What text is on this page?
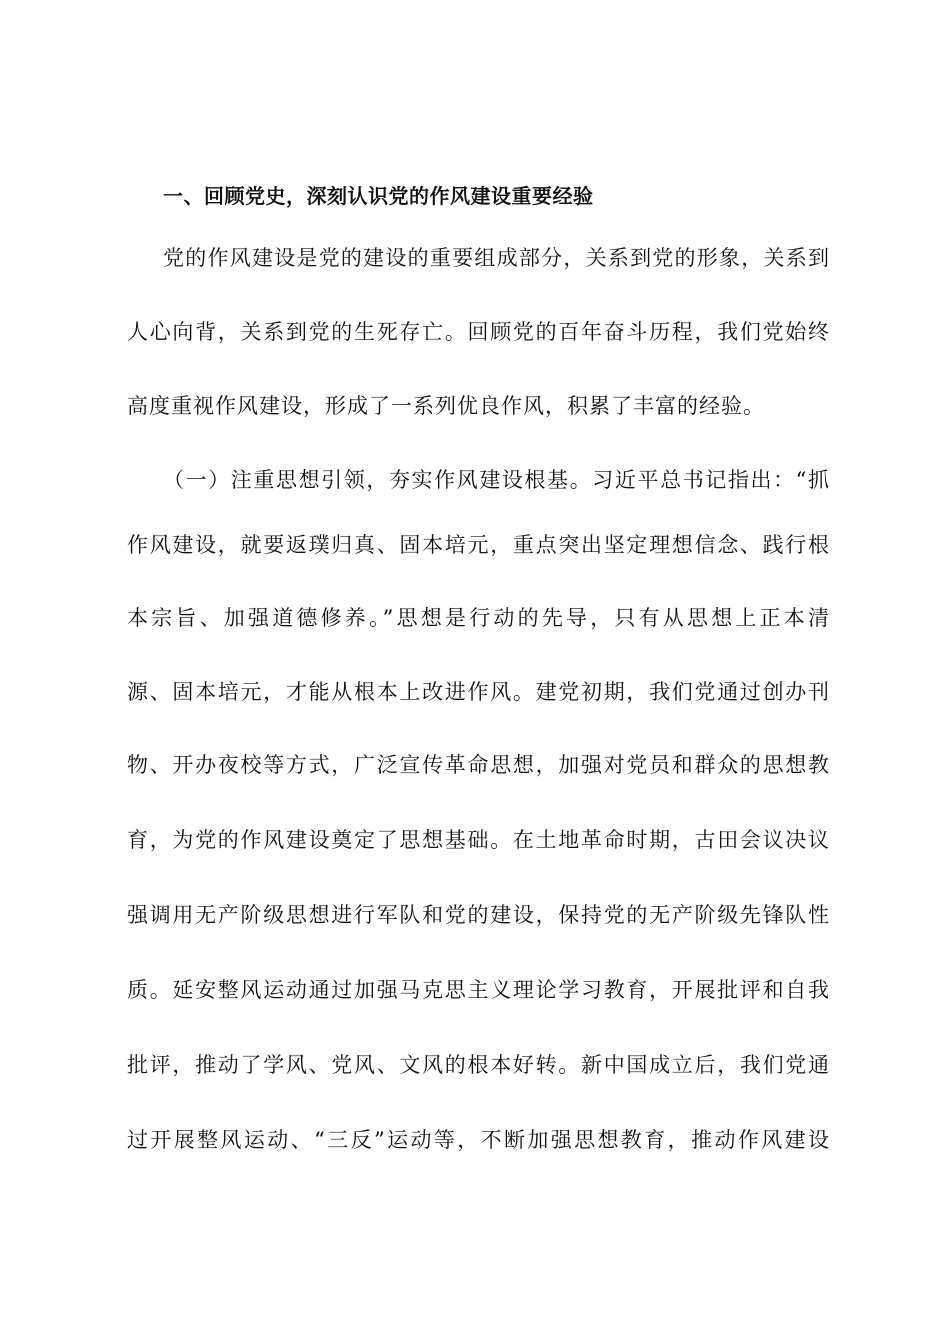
一、回顾党史，深刻认识党的作风建设重要经验
党的作风建设是党的建设的重要组成部分，关系到党的形象，关系到
人心向背，关系到党的生死存亡。回顾党的百年奋斗历程，我们党始终
高度重视作风建设，形成了一系列优良作风，积累了丰富的经验。
（一）注重思想引领，夯实作风建设根基。习近平总书记指出：“抓
作风建设，就要返璞归真、固本培元，重点突出坚定理想信念、践行根
本宗旨、加强道德修养。”思想是行动的先导，只有从思想上正本清
源、固本培元，才能从根本上改进作风。建党初期，我们党通过创办刊
物、开办夜校等方式，广泛宣传革命思想，加强对党员和群众的思想教
育，为党的作风建设奠定了思想基础。在土地革命时期，古田会议决议
强调用无产阶级思想进行军队和党的建设，保持党的无产阶级先锋队性
质。延安整风运动通过加强马克思主义理论学习教育，开展批评和自我
批评，推动了学风、党风、文风的根本好转。新中国成立后，我们党通
过开展整风运动、“三反”运动等，不断加强思想教育，推动作风建设
